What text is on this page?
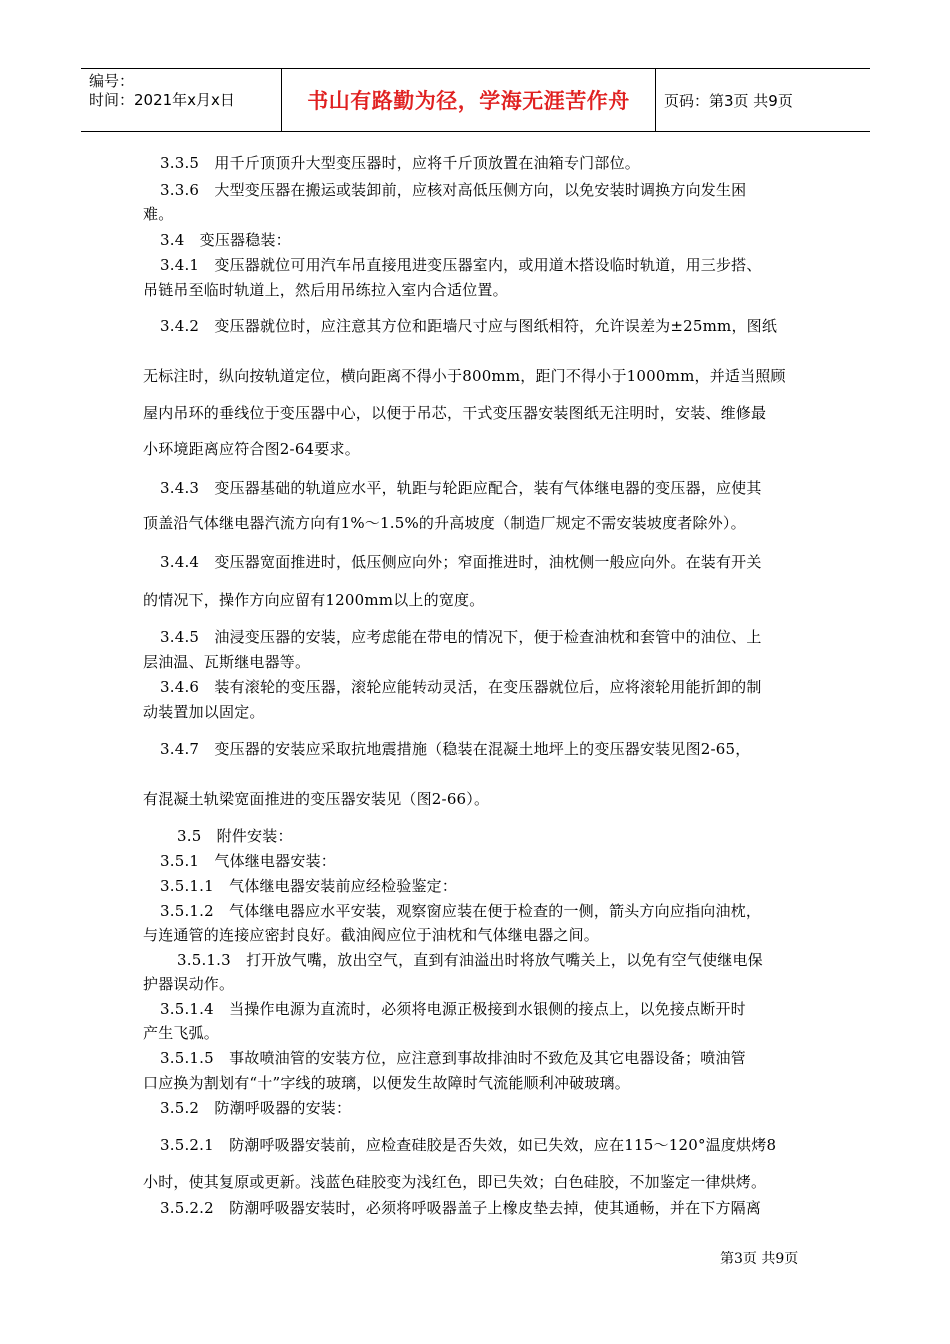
编号：
时间：2021年x月x日	书山有路勤为径，学海无涯苦作舟	页码：第3页 共9页
3.3.5　用千斤顶顶升大型变压器时，应将千斤顶放置在油箱专门部位。
3.3.6　大型变压器在搬运或装卸前，应核对高低压侧方向，以免安装时调换方向发生困
难。
3.4　变压器稳装：
3.4.1　变压器就位可用汽车吊直接甩进变压器室内，或用道木搭设临时轨道，用三步搭、
吊链吊至临时轨道上，然后用吊练拉入室内合适位置。
3.4.2　变压器就位时，应注意其方位和距墙尺寸应与图纸相符，允许误差为±25mm，图纸
无标注时，纵向按轨道定位，横向距离不得小于800mm，距门不得小于1000mm，并适当照顾
屋内吊环的垂线位于变压器中心，以便于吊芯，干式变压器安装图纸无注明时，安装、维修最
小环境距离应符合图2-64要求。
3.4.3　变压器基础的轨道应水平，轨距与轮距应配合，装有气体继电器的变压器，应使其
顶盖沿气体继电器汽流方向有1%～1.5%的升高坡度（制造厂规定不需安装坡度者除外）。
3.4.4　变压器宽面推进时，低压侧应向外；窄面推进时，油枕侧一般应向外。在装有开关
的情况下，操作方向应留有1200mm以上的宽度。
3.4.5　油浸变压器的安装，应考虑能在带电的情况下，便于检查油枕和套管中的油位、上
层油温、瓦斯继电器等。
3.4.6　装有滚轮的变压器，滚轮应能转动灵活，在变压器就位后，应将滚轮用能折卸的制
动装置加以固定。
3.4.7　变压器的安装应采取抗地震措施（稳装在混凝土地坪上的变压器安装见图2-65，
有混凝土轨梁宽面推进的变压器安装见（图2-66）。
3.5　附件安装：
3.5.1　气体继电器安装：
3.5.1.1　气体继电器安装前应经检验鉴定：
3.5.1.2　气体继电器应水平安装，观察窗应装在便于检查的一侧，箭头方向应指向油枕，
与连通管的连接应密封良好。截油阀应位于油枕和气体继电器之间。
3.5.1.3　打开放气嘴，放出空气，直到有油溢出时将放气嘴关上，以免有空气使继电保
护器误动作。
3.5.1.4　当操作电源为直流时，必须将电源正极接到水银侧的接点上，以免接点断开时
产生飞弧。
3.5.1.5　事故喷油管的安装方位，应注意到事故排油时不致危及其它电器设备；喷油管
口应换为割划有“十”字线的玻璃，以便发生故障时气流能顺利冲破玻璃。
3.5.2　防潮呼吸器的安装：
3.5.2.1　防潮呼吸器安装前，应检查硅胶是否失效，如已失效，应在115～120°温度烘烤8
小时，使其复原或更新。浅蓝色硅胶变为浅红色，即已失效；白色硅胶，不加鉴定一律烘烤。
3.5.2.2　防潮呼吸器安装时，必须将呼吸器盖子上橡皮垫去掉，使其通畅，并在下方隔离
第3页 共9页
